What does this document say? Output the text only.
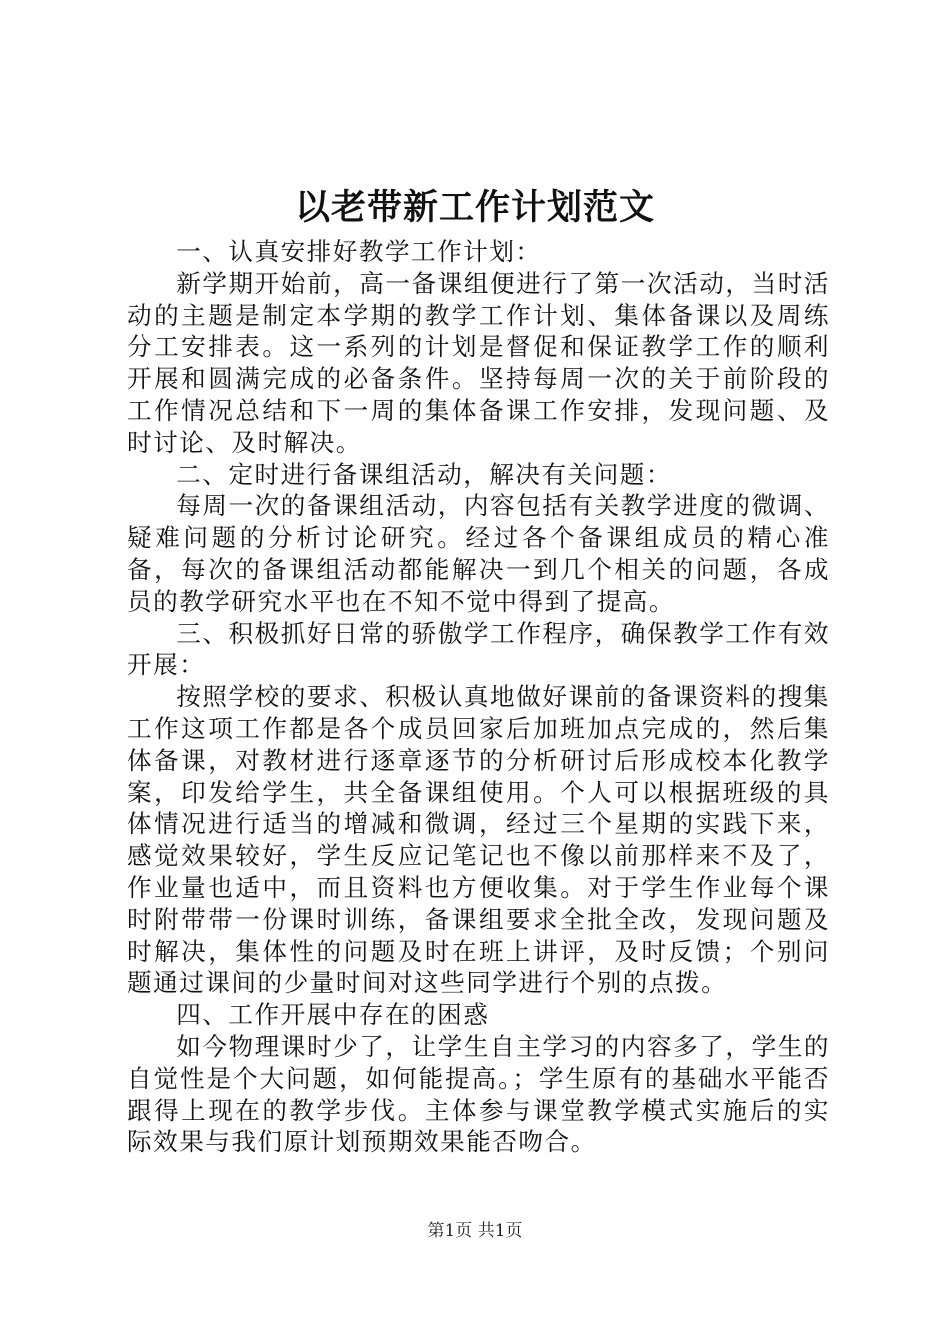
以老带新工作计划范文

一、认真安排好教学工作计划：

新学期开始前，高一备课组便进行了第一次活动，当时活动的主题是制定本学期的教学工作计划、集体备课以及周练分工安排表。这一系列的计划是督促和保证教学工作的顺利开展和圆满完成的必备条件。坚持每周一次的关于前阶段的工作情况总结和下一周的集体备课工作安排，发现问题、及时讨论、及时解决。

二、定时进行备课组活动，解决有关问题：

每周一次的备课组活动，内容包括有关教学进度的微调、疑难问题的分析讨论研究。经过各个备课组成员的精心准备，每次的备课组活动都能解决一到几个相关的问题，各成员的教学研究水平也在不知不觉中得到了提高。

三、积极抓好日常的骄傲学工作程序，确保教学工作有效开展：

按照学校的要求、积极认真地做好课前的备课资料的搜集工作这项工作都是各个成员回家后加班加点完成的，然后集体备课，对教材进行逐章逐节的分析研讨后形成校本化教学案，印发给学生，共全备课组使用。个人可以根据班级的具体情况进行适当的增减和微调，经过三个星期的实践下来，感觉效果较好，学生反应记笔记也不像以前那样来不及了，作业量也适中，而且资料也方便收集。对于学生作业每个课时附带带一份课时训练，备课组要求全批全改，发现问题及时解决，集体性的问题及时在班上讲评，及时反馈；个别问题通过课间的少量时间对这些同学进行个别的点拨。

四、工作开展中存在的困惑

如今物理课时少了，让学生自主学习的内容多了，学生的自觉性是个大问题，如何能提高。；学生原有的基础水平能否跟得上现在的教学步伐。主体参与课堂教学模式实施后的实际效果与我们原计划预期效果能否吻合。

第1页 共1页
